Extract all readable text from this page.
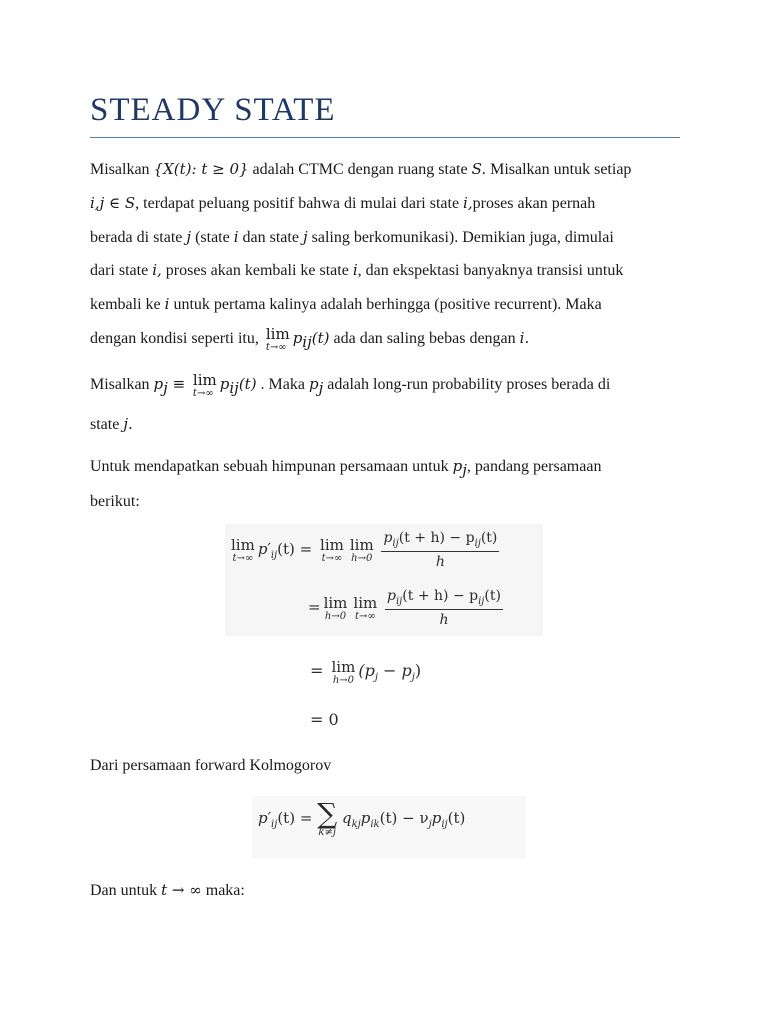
STEADY STATE
Misalkan {X(t): t ≥ 0} adalah CTMC dengan ruang state S. Misalkan untuk setiap
i,j ∈ S, terdapat peluang positif bahwa di mulai dari state i,proses akan pernah
berada di state j (state i dan state j saling berkomunikasi). Demikian juga, dimulai
dari state i, proses akan kembali ke state i, dan ekspektasi banyaknya transisi untuk
kembali ke i untuk pertama kalinya adalah berhingga (positive recurrent). Maka
dengan kondisi seperti itu, lim
t→∞
$p_{ij}(t)$ ada dan saling bebas dengan i.
Misalkan $p_j \equiv \lim$
t→∞
$p_{ij}(t)$ . Maka $p_j$ adalah long-run probability proses berada di
state j.
Untuk mendapatkan sebuah himpunan persamaan untuk $p_j$, pandang persamaan
berikut:
lim
t→∞
$p'_{ij}(t) = \lim$
t→∞
lim
h→0
$\frac{p_{ij}(t + h) - p_{ij}(t)}{h}$
= lim
h→0
lim
t→∞
$\frac{p_{ij}(t + h) - p_{ij}(t)}{h}$
= lim
h→0
$(p_j - p_j)$
= 0
Dari persamaan forward Kolmogorov
$p'_{ij}(t)$ = ∑
k≠j
$q_{kj}p_{ik}(t) - \nu_jp_{ij}(t)$
Dan untuk t → ∞ maka:
